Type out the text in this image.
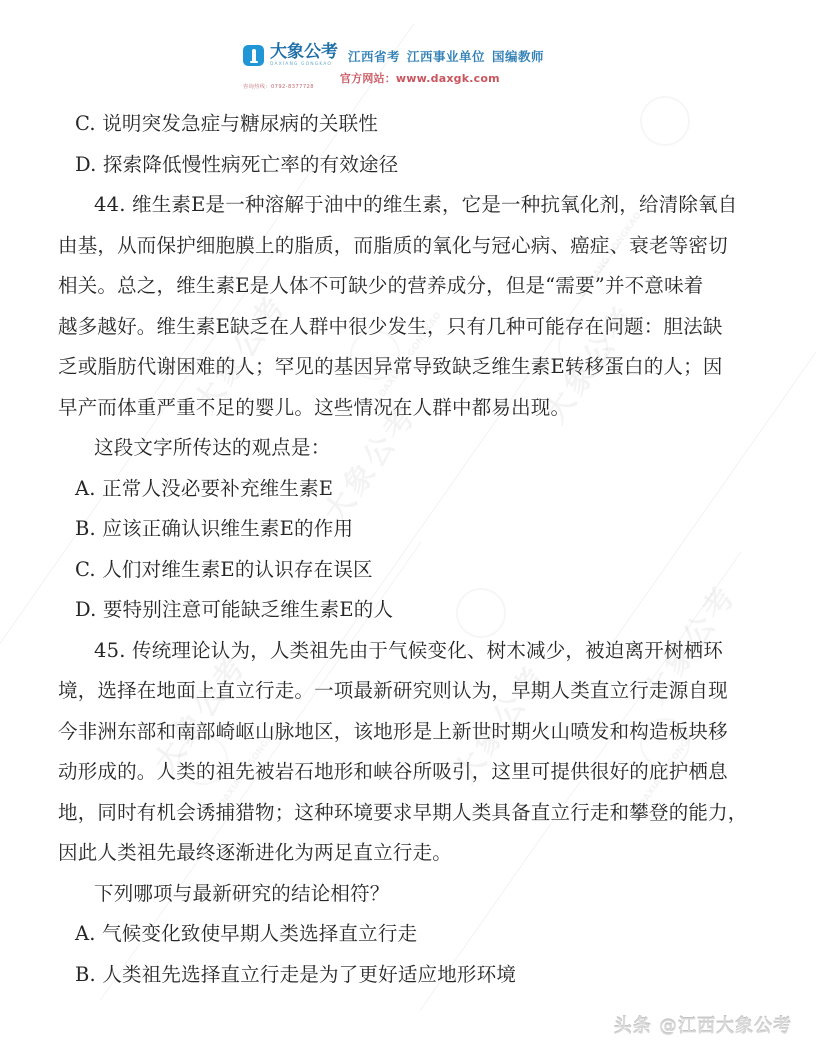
大象公考
DAXIANG GONGKAO
江西省考 江西事业单位 国编教师
咨询热线：0792-8377728
官方网站：www.daxgk.com
C. 说明突发急症与糖尿病的关联性
D. 探索降低慢性病死亡率的有效途径
44. 维生素E是一种溶解于油中的维生素，它是一种抗氧化剂，给清除氧自
由基，从而保护细胞膜上的脂质，而脂质的氧化与冠心病、癌症、衰老等密切
相关。总之，维生素E是人体不可缺少的营养成分，但是“需要”并不意味着
越多越好。维生素E缺乏在人群中很少发生，只有几种可能存在问题：胆法缺
乏或脂肪代谢困难的人；罕见的基因异常导致缺乏维生素E转移蛋白的人；因
早产而体重严重不足的婴儿。这些情况在人群中都易出现。
这段文字所传达的观点是：
A. 正常人没必要补充维生素E
B. 应该正确认识维生素E的作用
C. 人们对维生素E的认识存在误区
D. 要特别注意可能缺乏维生素E的人
45. 传统理论认为，人类祖先由于气候变化、树木减少，被迫离开树栖环
境，选择在地面上直立行走。一项最新研究则认为，早期人类直立行走源自现
今非洲东部和南部崎岖山脉地区，该地形是上新世时期火山喷发和构造板块移
动形成的。人类的祖先被岩石地形和峡谷所吸引，这里可提供很好的庇护栖息
地，同时有机会诱捕猎物；这种环境要求早期人类具备直立行走和攀登的能力，
因此人类祖先最终逐渐进化为两足直立行走。
下列哪项与最新研究的结论相符？
A. 气候变化致使早期人类选择直立行走
B. 人类祖先选择直立行走是为了更好适应地形环境
头条 @江西大象公考
